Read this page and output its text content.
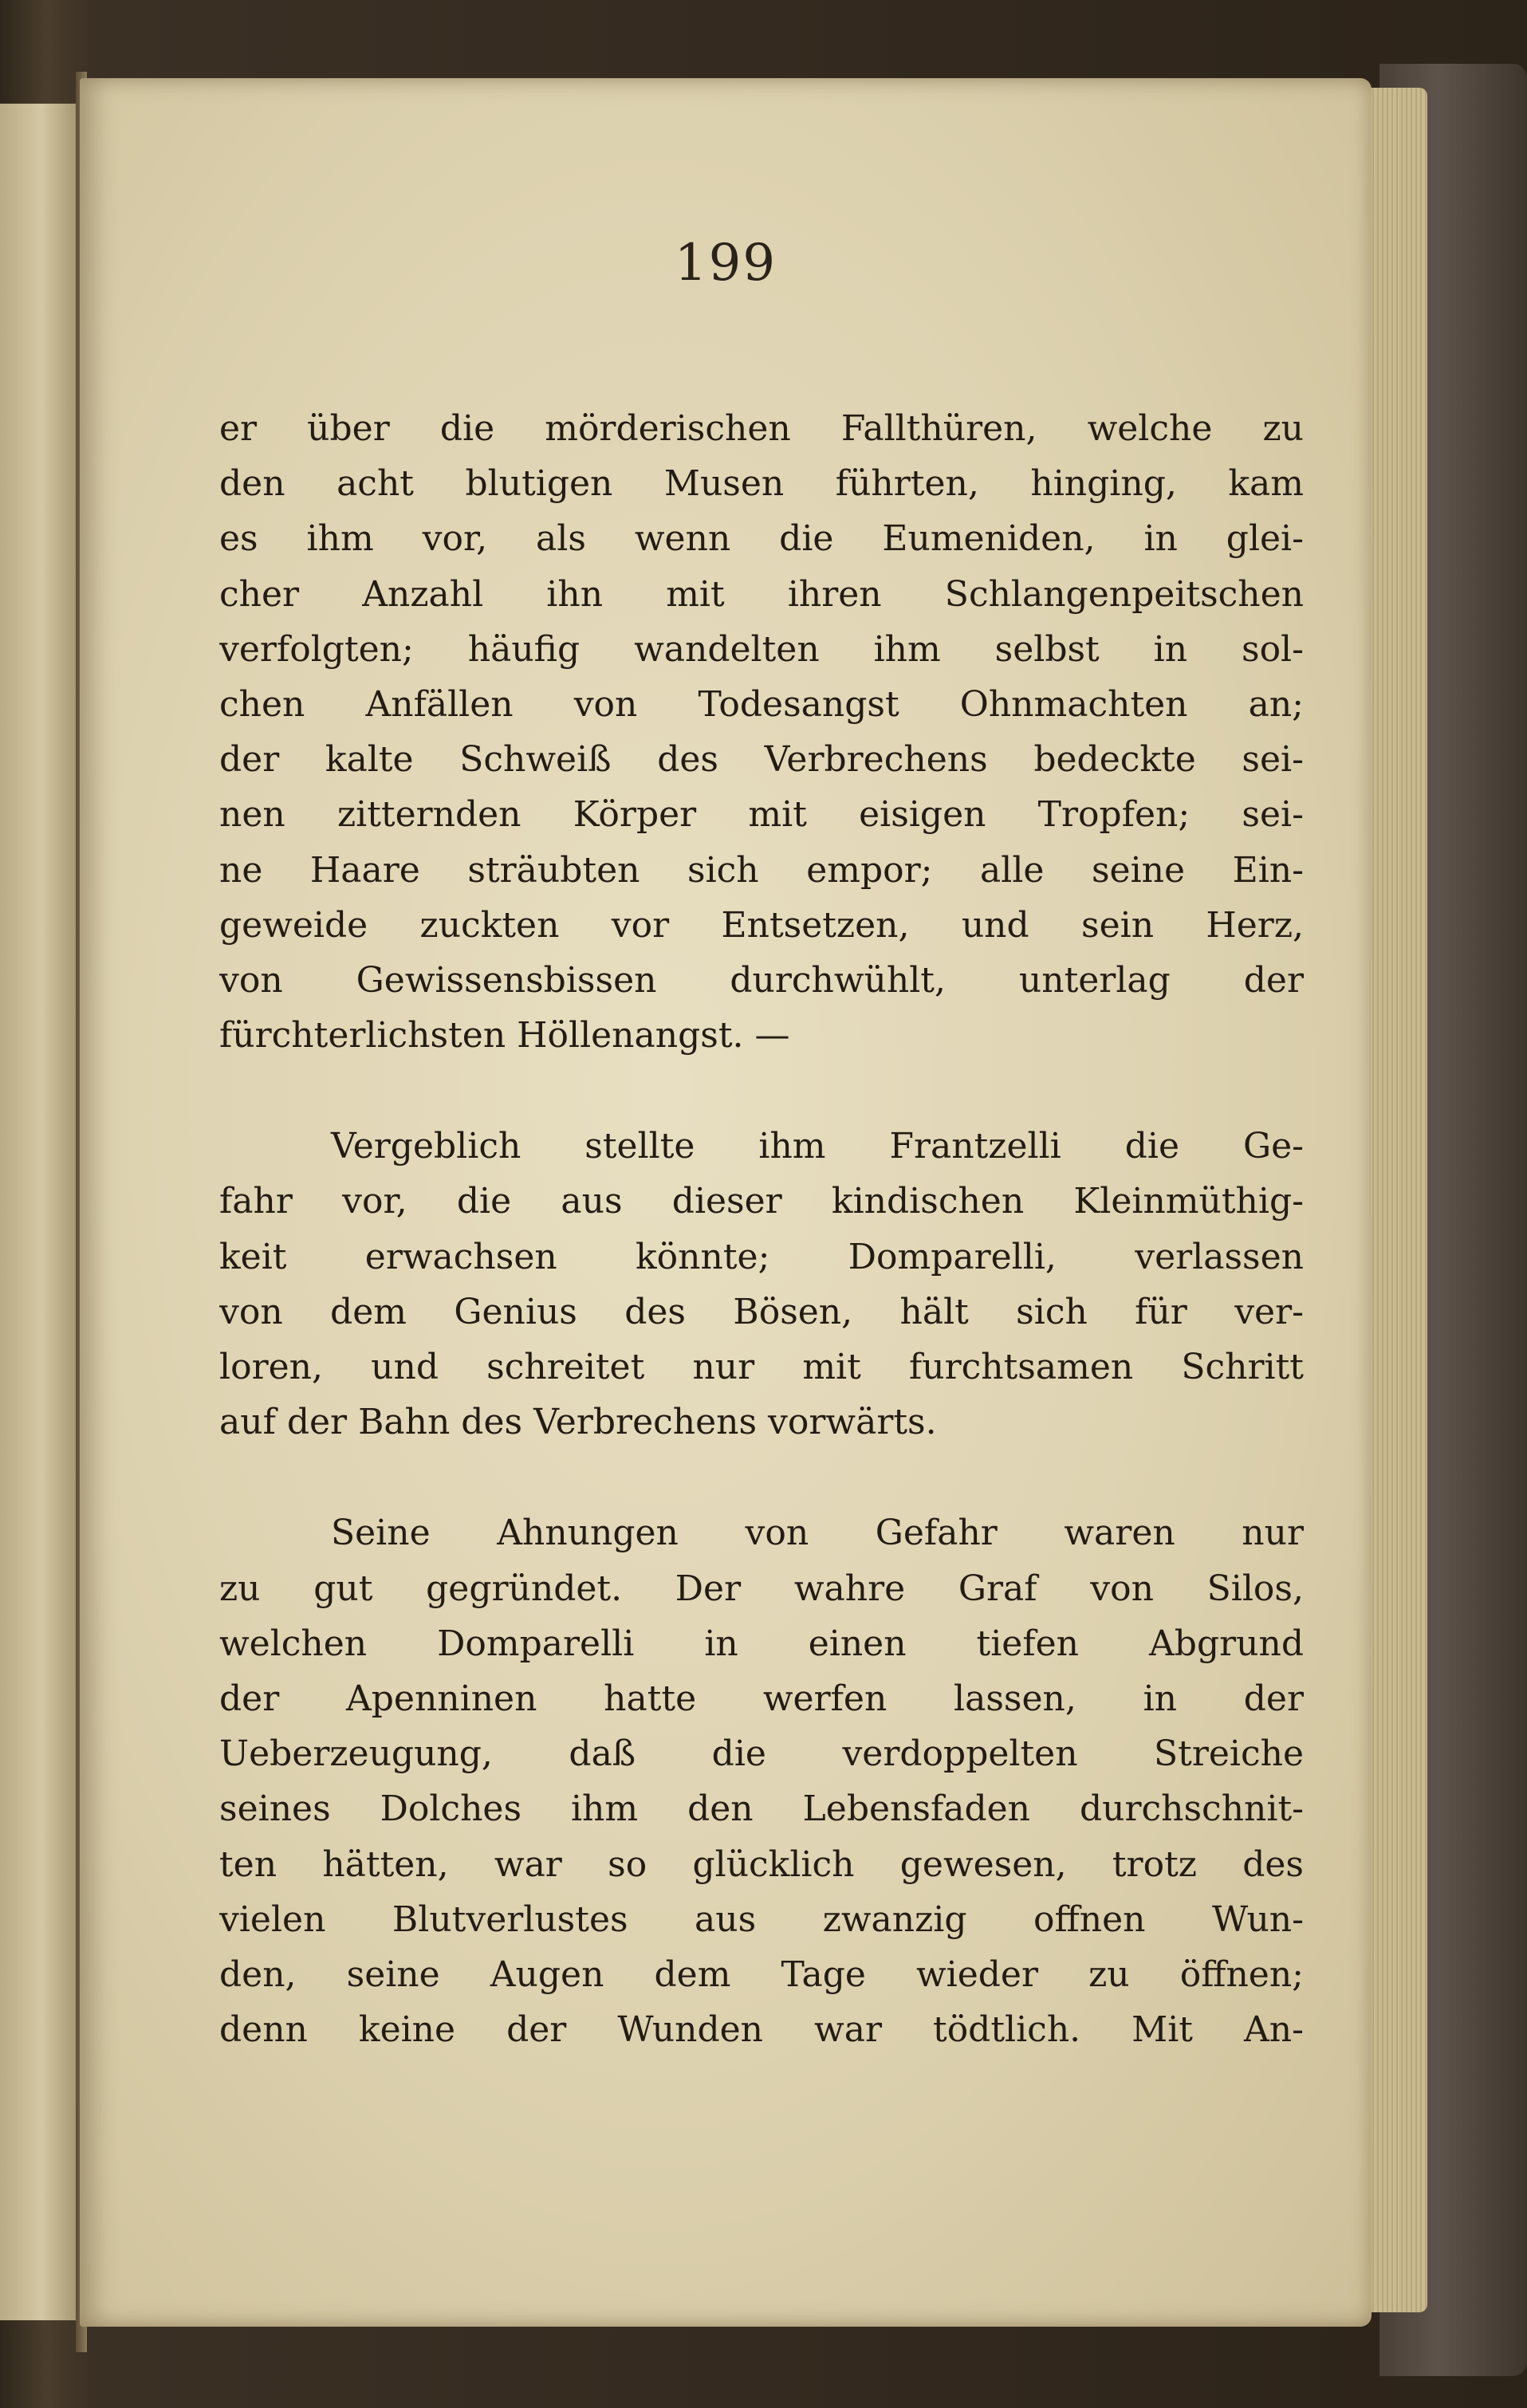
199
er über die mörderischen Fallthüren, welche zu
den acht blutigen Musen führten, hinging, kam
es ihm vor, als wenn die Eumeniden, in glei-
cher Anzahl ihn mit ihren Schlangenpeitschen
verfolgten; häufig wandelten ihm selbst in sol-
chen Anfällen von Todesangst Ohnmachten an;
der kalte Schweiß des Verbrechens bedeckte sei-
nen zitternden Körper mit eisigen Tropfen; sei-
ne Haare sträubten sich empor; alle seine Ein-
geweide zuckten vor Entsetzen, und sein Herz,
von Gewissensbissen durchwühlt, unterlag der
fürchterlichsten Höllenangst. —
Vergeblich stellte ihm Frantzelli die Ge-
fahr vor, die aus dieser kindischen Kleinmüthig-
keit erwachsen könnte; Domparelli, verlassen
von dem Genius des Bösen, hält sich für ver-
loren, und schreitet nur mit furchtsamen Schritt
auf der Bahn des Verbrechens vorwärts.
Seine Ahnungen von Gefahr waren nur
zu gut gegründet. Der wahre Graf von Silos,
welchen Domparelli in einen tiefen Abgrund
der Apenninen hatte werfen lassen, in der
Ueberzeugung, daß die verdoppelten Streiche
seines Dolches ihm den Lebensfaden durchschnit-
ten hätten, war so glücklich gewesen, trotz des
vielen Blutverlustes aus zwanzig offnen Wun-
den, seine Augen dem Tage wieder zu öffnen;
denn keine der Wunden war tödtlich. Mit An-
